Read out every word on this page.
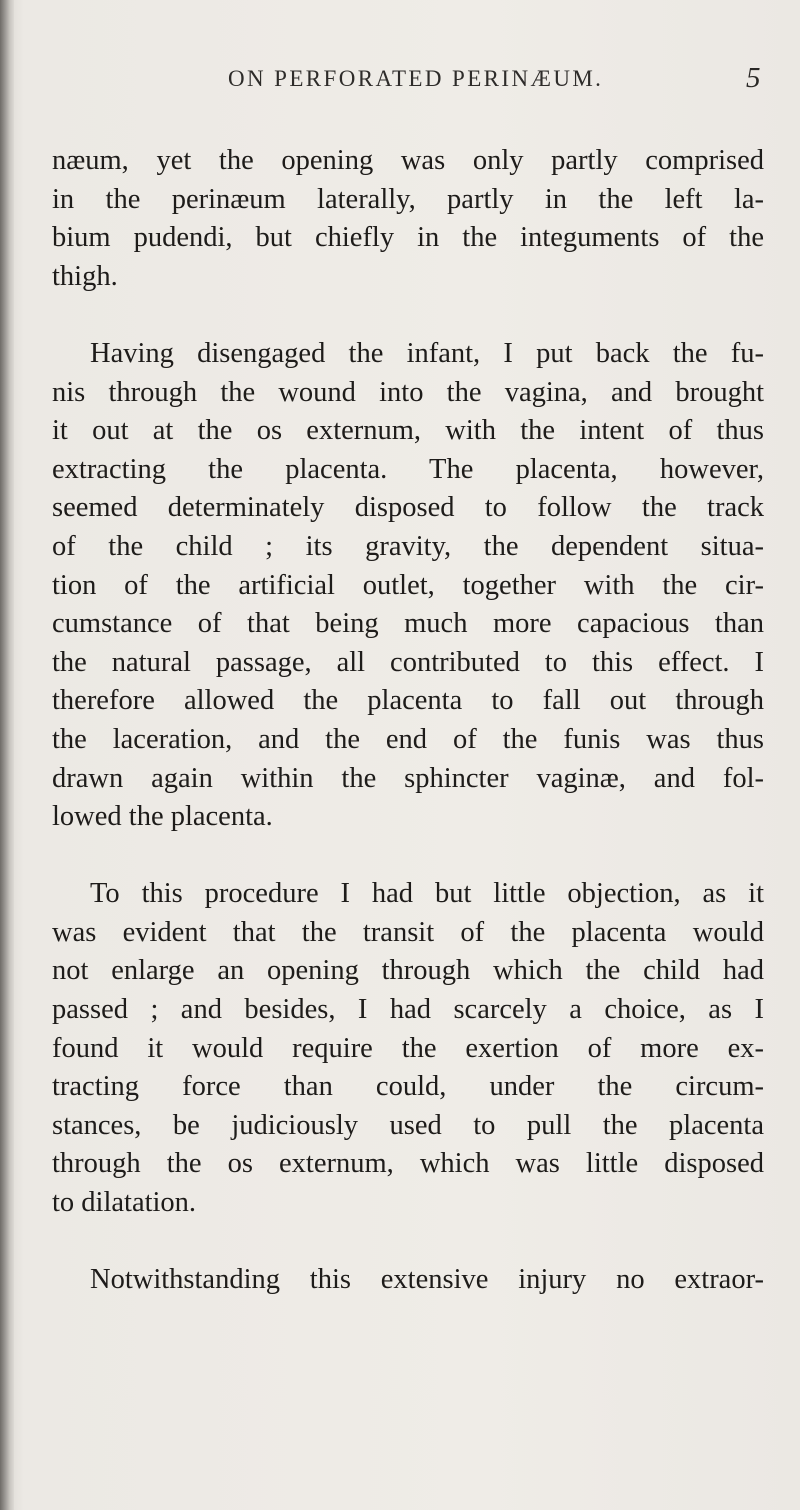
ON PERFORATED PERINÆUM.	5
næum, yet the opening was only partly comprised
in the perinæum laterally, partly in the left la-
bium pudendi, but chiefly in the integuments of the
thigh.
Having disengaged the infant, I put back the fu-
nis through the wound into the vagina, and brought
it out at the os externum, with the intent of thus
extracting the placenta. The placenta, however,
seemed determinately disposed to follow the track
of the child ; its gravity, the dependent situa-
tion of the artificial outlet, together with the cir-
cumstance of that being much more capacious than
the natural passage, all contributed to this effect. I
therefore allowed the placenta to fall out through
the laceration, and the end of the funis was thus
drawn again within the sphincter vaginæ, and fol-
lowed the placenta.
To this procedure I had but little objection, as it
was evident that the transit of the placenta would
not enlarge an opening through which the child had
passed ; and besides, I had scarcely a choice, as I
found it would require the exertion of more ex-
tracting force than could, under the circum-
stances, be judiciously used to pull the placenta
through the os externum, which was little disposed
to dilatation.
Notwithstanding this extensive injury no extraor-
